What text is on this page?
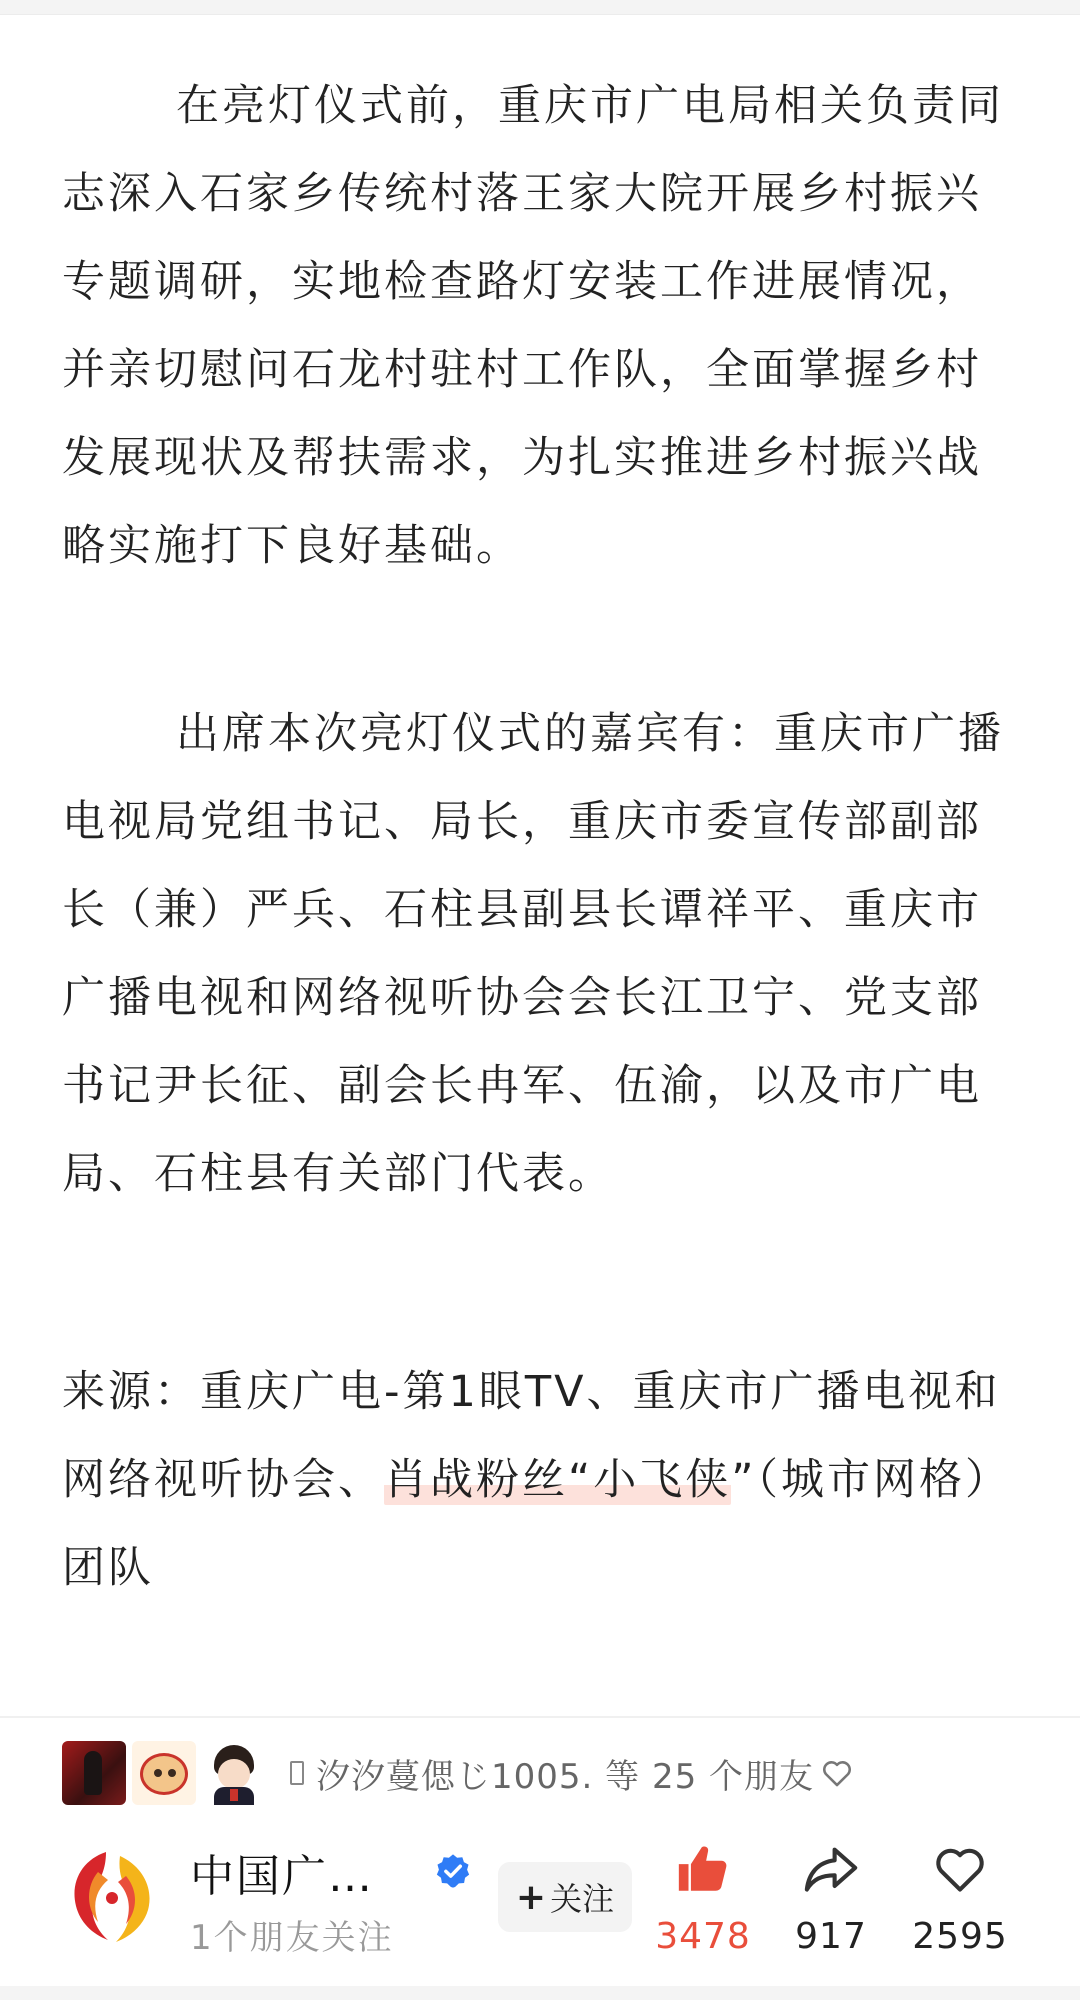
在亮灯仪式前，重庆市广电局相关负责同志深入石家乡传统村落王家大院开展乡村振兴专题调研，实地检查路灯安装工作进展情况，并亲切慰问石龙村驻村工作队，全面掌握乡村发展现状及帮扶需求，为扎实推进乡村振兴战略实施打下良好基础。

出席本次亮灯仪式的嘉宾有：重庆市广播电视局党组书记、局长，重庆市委宣传部副部长（兼）严兵、石柱县副县长谭祥平、重庆市广播电视和网络视听协会会长江卫宁、党支部书记尹长征、副会长冉军、伍渝，以及市广电局、石柱县有关部门代表。

来源：重庆广电-第1眼TV、重庆市广播电视和网络视听协会、肖战粉丝“小飞侠”（城市网格）团队

汐汐蔓偲じ1005. 等 25 个朋友
中国广…
1个朋友关注
+ 关注
3478	917	2595
